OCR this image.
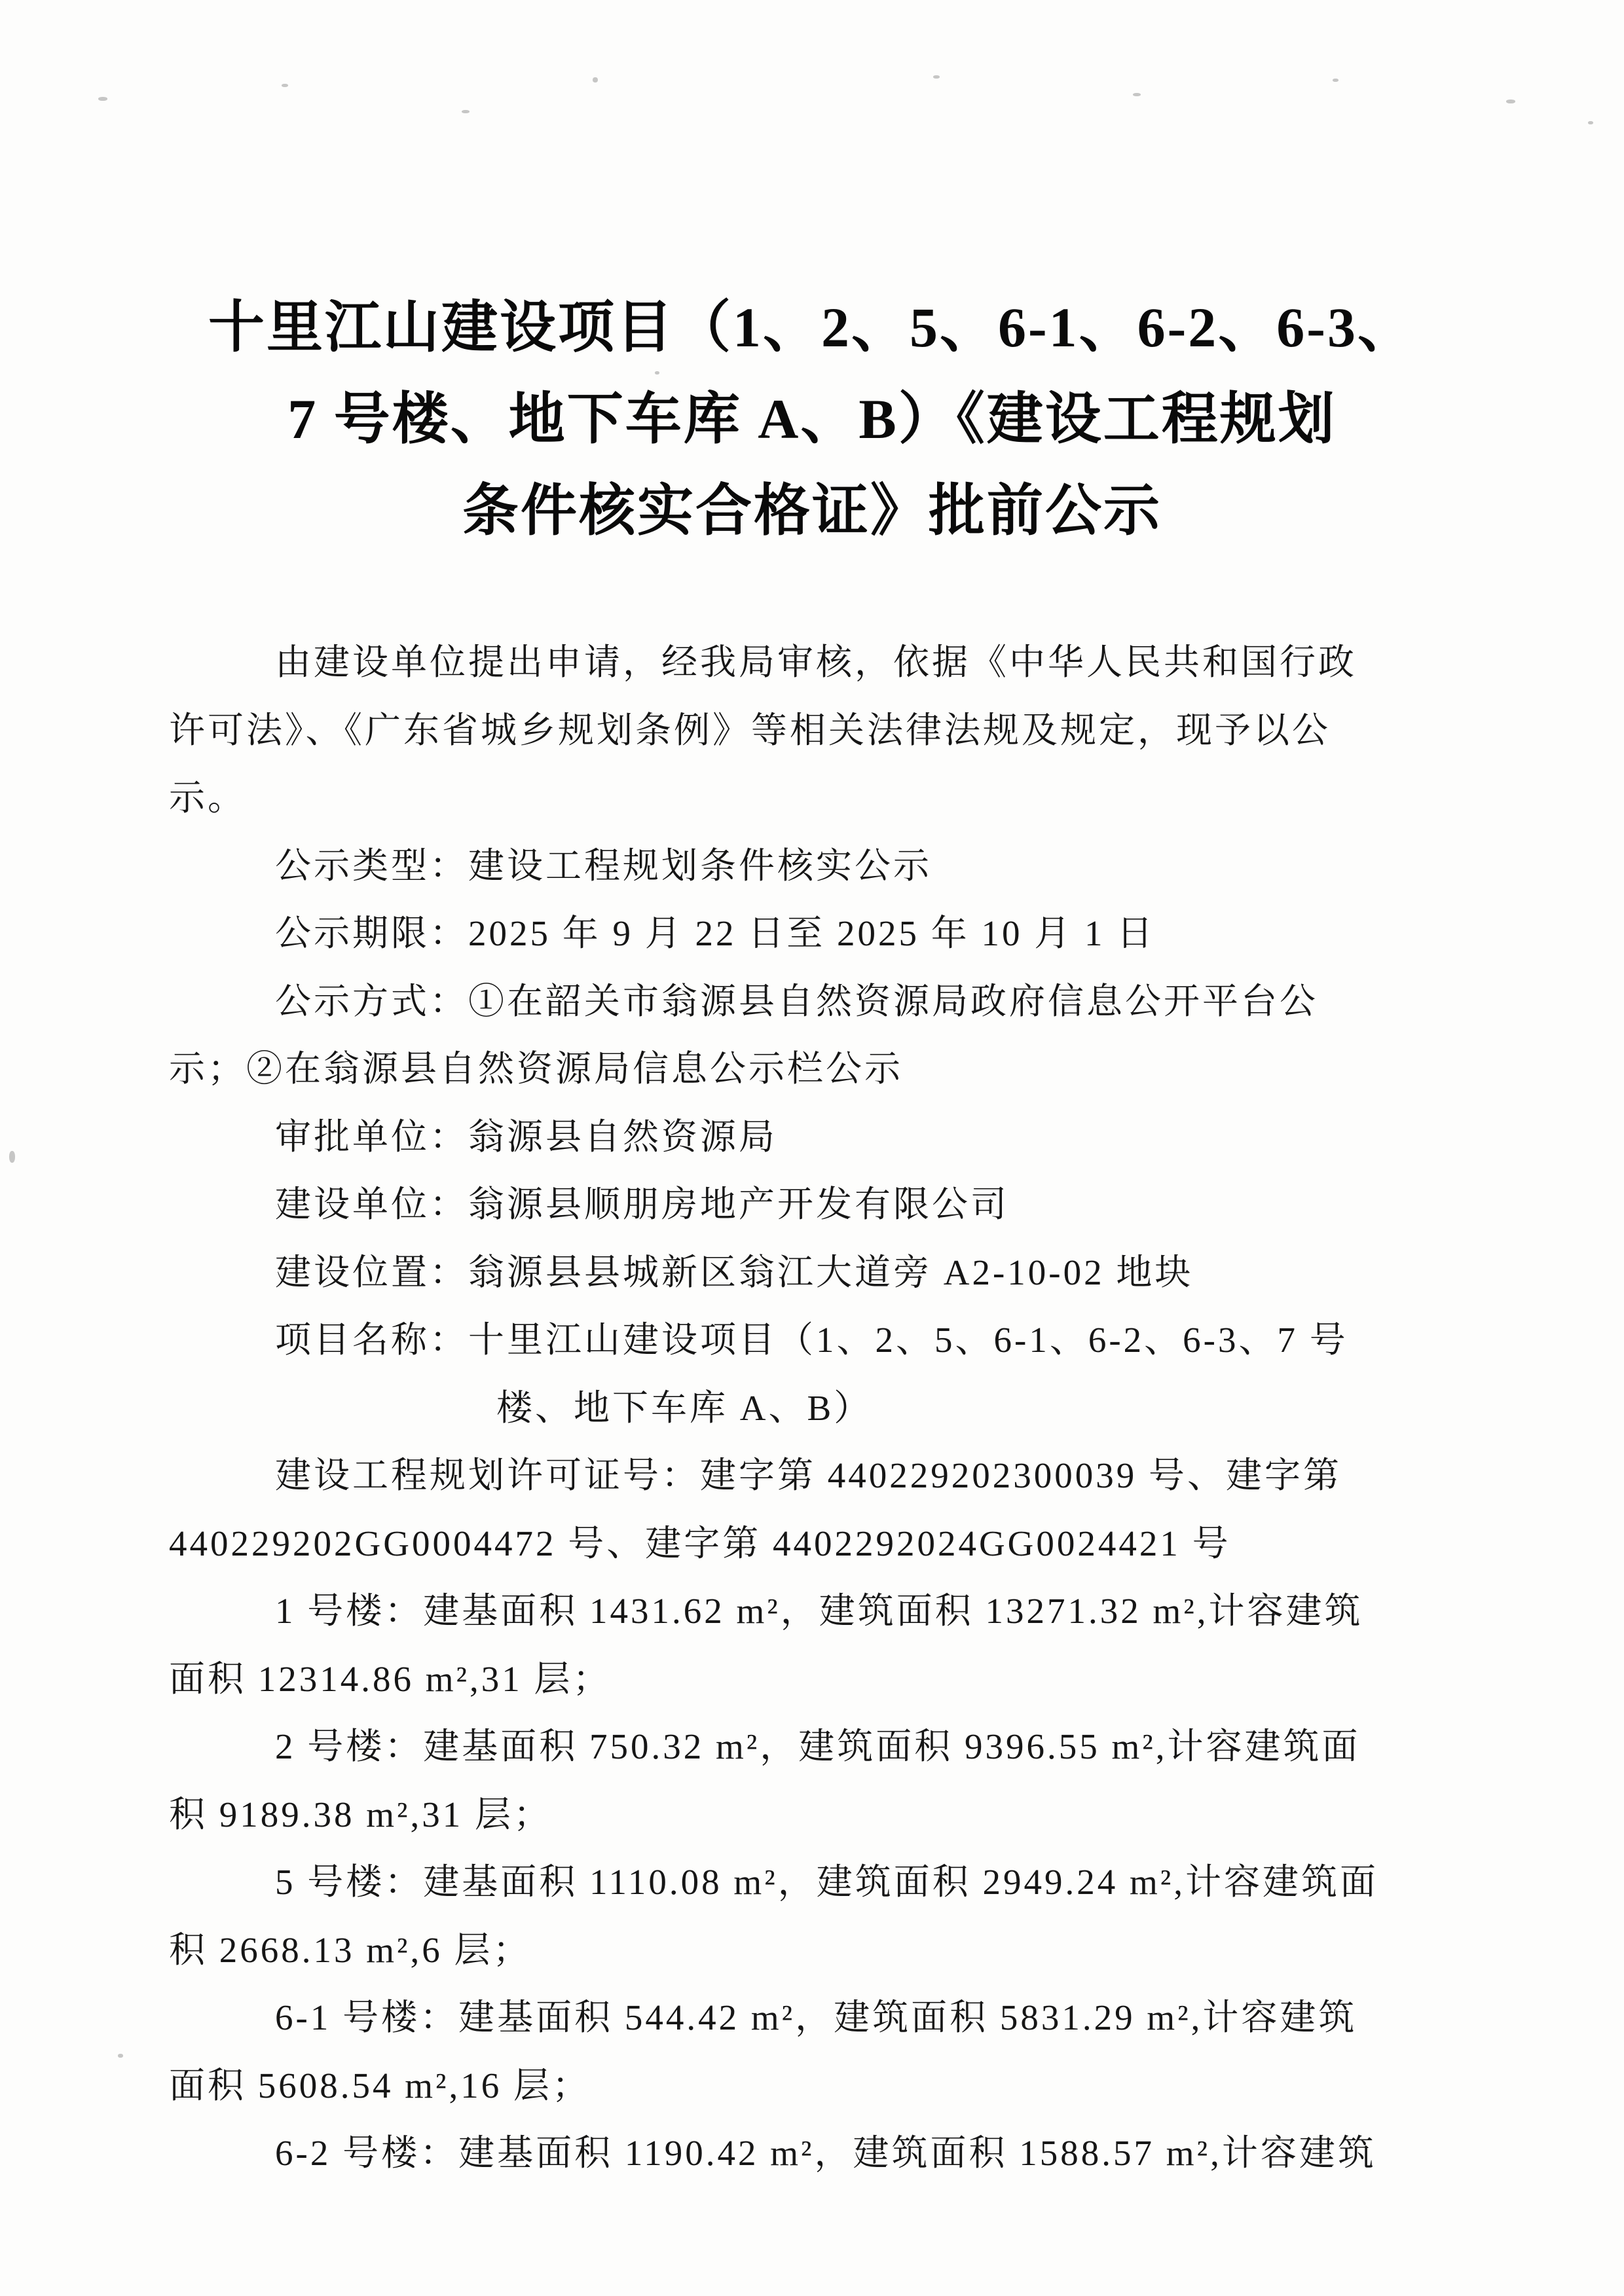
十里江山建设项目（1、2、5、6-1、6-2、6-3、
7 号楼、地下车库 A、B）《建设工程规划
条件核实合格证》批前公示
由建设单位提出申请，经我局审核，依据《中华人民共和国行政
许可法》、《广东省城乡规划条例》等相关法律法规及规定，现予以公
示。
公示类型：建设工程规划条件核实公示
公示期限：2025 年 9 月 22 日至 2025 年 10 月 1 日
公示方式：①在韶关市翁源县自然资源局政府信息公开平台公
示；②在翁源县自然资源局信息公示栏公示
审批单位：翁源县自然资源局
建设单位：翁源县顺朋房地产开发有限公司
建设位置：翁源县县城新区翁江大道旁 A2-10-02 地块
项目名称：十里江山建设项目（1、2、5、6-1、6-2、6-3、7 号
楼、地下车库 A、B）
建设工程规划许可证号：建字第 440229202300039 号、建字第
440229202GG0004472 号、建字第 4402292024GG0024421 号
1 号楼：建基面积 1431.62 m²，建筑面积 13271.32 m²,计容建筑
面积 12314.86 m²,31 层；
2 号楼：建基面积 750.32 m²，建筑面积 9396.55 m²,计容建筑面
积 9189.38 m²,31 层；
5 号楼：建基面积 1110.08 m²，建筑面积 2949.24 m²,计容建筑面
积 2668.13 m²,6 层；
6-1 号楼：建基面积 544.42 m²，建筑面积 5831.29 m²,计容建筑
面积 5608.54 m²,16 层；
6-2 号楼：建基面积 1190.42 m²，建筑面积 1588.57 m²,计容建筑
